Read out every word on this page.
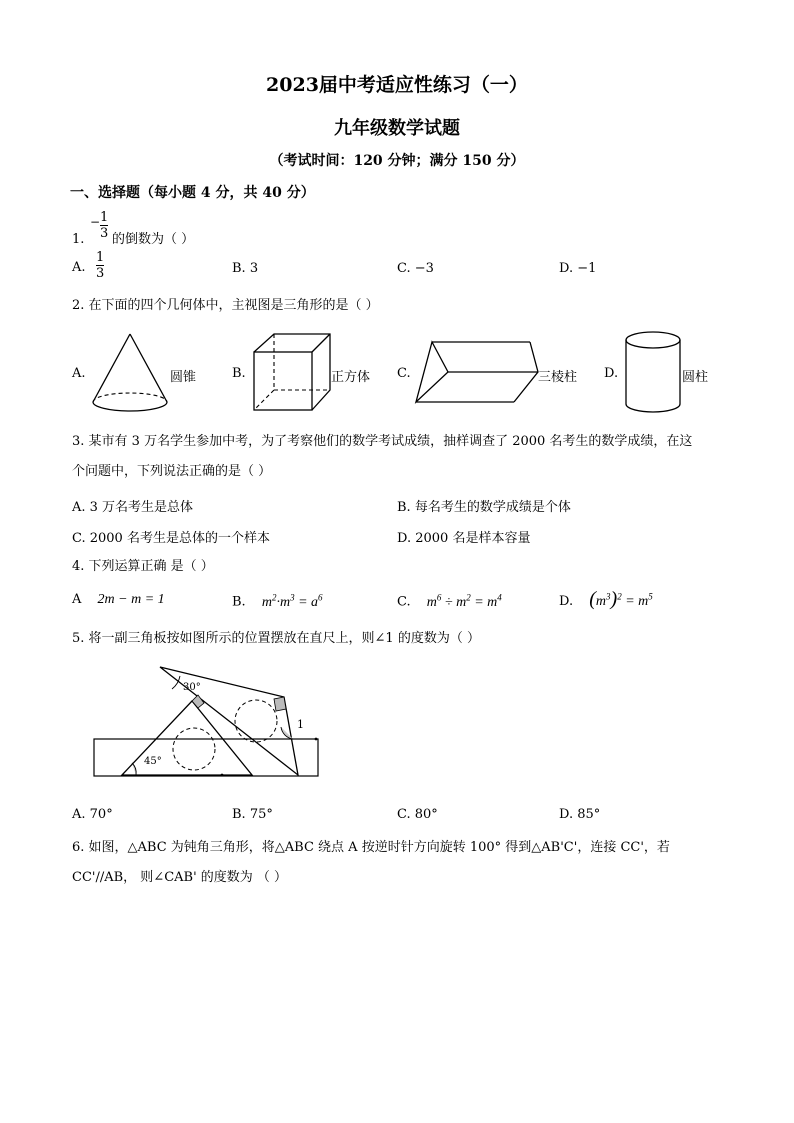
2023届中考适应性练习（一）
九年级数学试题
（考试时间：120 分钟；满分 150 分）
一、选择题（每小题 4 分，共 40 分）
1.
− $\frac{1}{3}$ 的倒数为（ ）
A. $\frac{1}{3}$	B. 3	C. −3	D. −1
2. 在下面的四个几何体中，主视图是三角形的是（ ）
A.	圆锥	B.	正方体 C.	三棱柱 D.	圆柱
3. 某市有 3 万名学生参加中考，为了考察他们的数学考试成绩，抽样调查了 2000 名考生的数学成绩，在这
个问题中，下列说法正确的是（ ）
A. 3 万名考生是总体	B. 每名考生的数学成绩是个体
C. 2000 名考生是总体的一个样本	D. 2000 名是样本容量
4. 下列运算正确 是（ ）
A 2m − m = 1	B. $m^2\cdot m^3 = a^6$	C. $m^6 \div m^2 = m^4$	D. $(m^3)^2 = m^5$
5. 将一副三角板按如图所示的位置摆放在直尺上，则∠1 的度数为（ ）
30°
45°
1
A. 70°	B. 75°	C. 80°	D. 85°
6. 如图，△ABC 为钝角三角形，将△ABC 绕点 A 按逆时针方向旋转 100° 得到△AB'C'，连接 CC'，若
CC'//AB， 则∠CAB' 的度数为 （ ）
